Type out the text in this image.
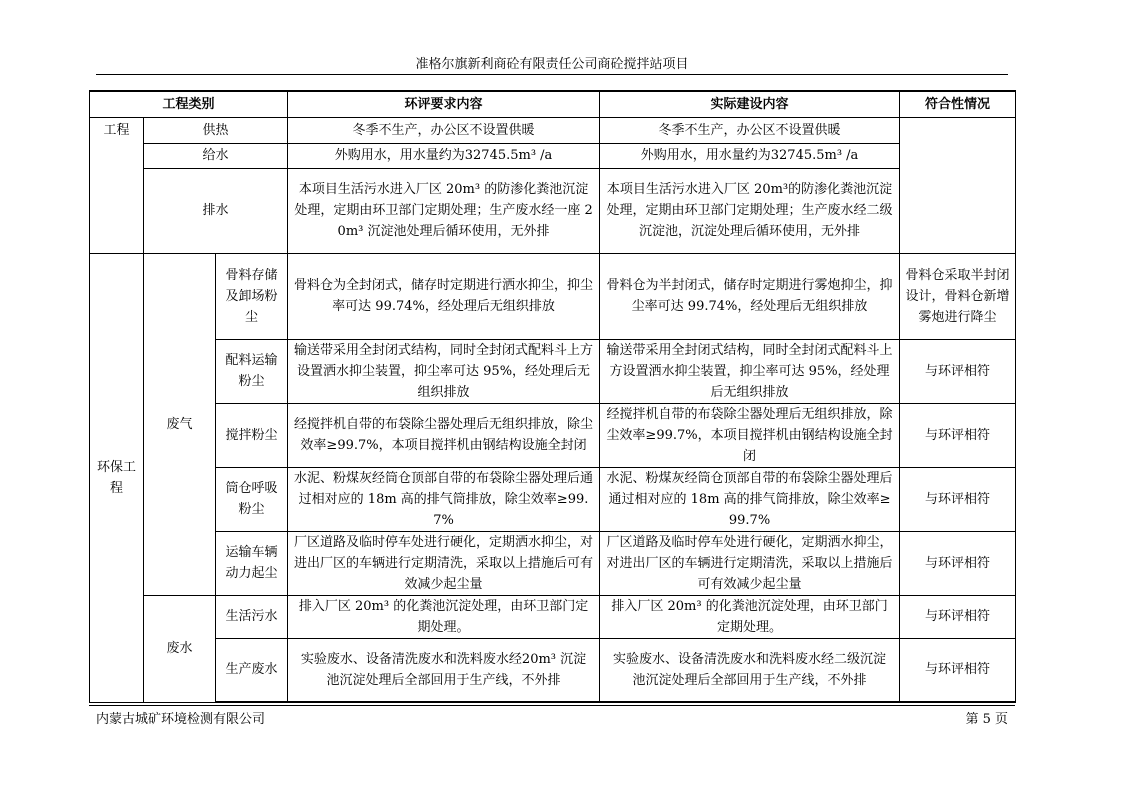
准格尔旗新利商砼有限责任公司商砼搅拌站项目
工程类别			环评要求内容	实际建设内容	符合性情况
工程	供热		冬季不生产，办公区不设置供暖	冬季不生产，办公区不设置供暖	
	给水		外购用水，用水量约为32745.5m³ /a	外购用水，用水量约为32745.5m³ /a	
	排水		本项目生活污水进入厂区 20m³ 的防渗化粪池沉淀处理，定期由环卫部门定期处理；生产废水经一座 20m³ 沉淀池处理后循环使用，无外排	本项目生活污水进入厂区 20m³的防渗化粪池沉淀处理，定期由环卫部门定期处理；生产废水经二级沉淀池，沉淀处理后循环使用，无外排	
环保工程	废气	骨料存储及卸场粉尘	骨料仓为全封闭式，储存时定期进行洒水抑尘，抑尘率可达 99.74%，经处理后无组织排放	骨料仓为半封闭式，储存时定期进行雾炮抑尘，抑尘率可达 99.74%，经处理后无组织排放	骨料仓采取半封闭设计，骨料仓新增雾炮进行降尘
		配料运输粉尘	输送带采用全封闭式结构，同时全封闭式配料斗上方设置洒水抑尘装置，抑尘率可达 95%，经处理后无组织排放	输送带采用全封闭式结构，同时全封闭式配料斗上方设置洒水抑尘装置，抑尘率可达 95%，经处理后无组织排放	与环评相符
		搅拌粉尘	经搅拌机自带的布袋除尘器处理后无组织排放，除尘效率≥99.7%，本项目搅拌机由钢结构设施全封闭	经搅拌机自带的布袋除尘器处理后无组织排放，除尘效率≥99.7%，本项目搅拌机由钢结构设施全封闭	与环评相符
		筒仓呼吸粉尘	水泥、粉煤灰经筒仓顶部自带的布袋除尘器处理后通过相对应的 18m 高的排气筒排放，除尘效率≥99.7%	水泥、粉煤灰经筒仓顶部自带的布袋除尘器处理后通过相对应的 18m 高的排气筒排放，除尘效率≥99.7%	与环评相符
		运输车辆动力起尘	厂区道路及临时停车处进行硬化，定期洒水抑尘，对进出厂区的车辆进行定期清洗，采取以上措施后可有效减少起尘量	厂区道路及临时停车处进行硬化，定期洒水抑尘，对进出厂区的车辆进行定期清洗，采取以上措施后可有效减少起尘量	与环评相符
	废水	生活污水	排入厂区 20m³ 的化粪池沉淀处理，由环卫部门定期处理。	排入厂区 20m³ 的化粪池沉淀处理，由环卫部门定期处理。	与环评相符
		生产废水	实验废水、设备清洗废水和洗料废水经20m³ 沉淀 池沉淀处理后全部回用于生产线，不外排	实验废水、设备清洗废水和洗料废水经二级沉淀 池沉淀处理后全部回用于生产线，不外排	与环评相符
内蒙古城矿环境检测有限公司	第 5 页
